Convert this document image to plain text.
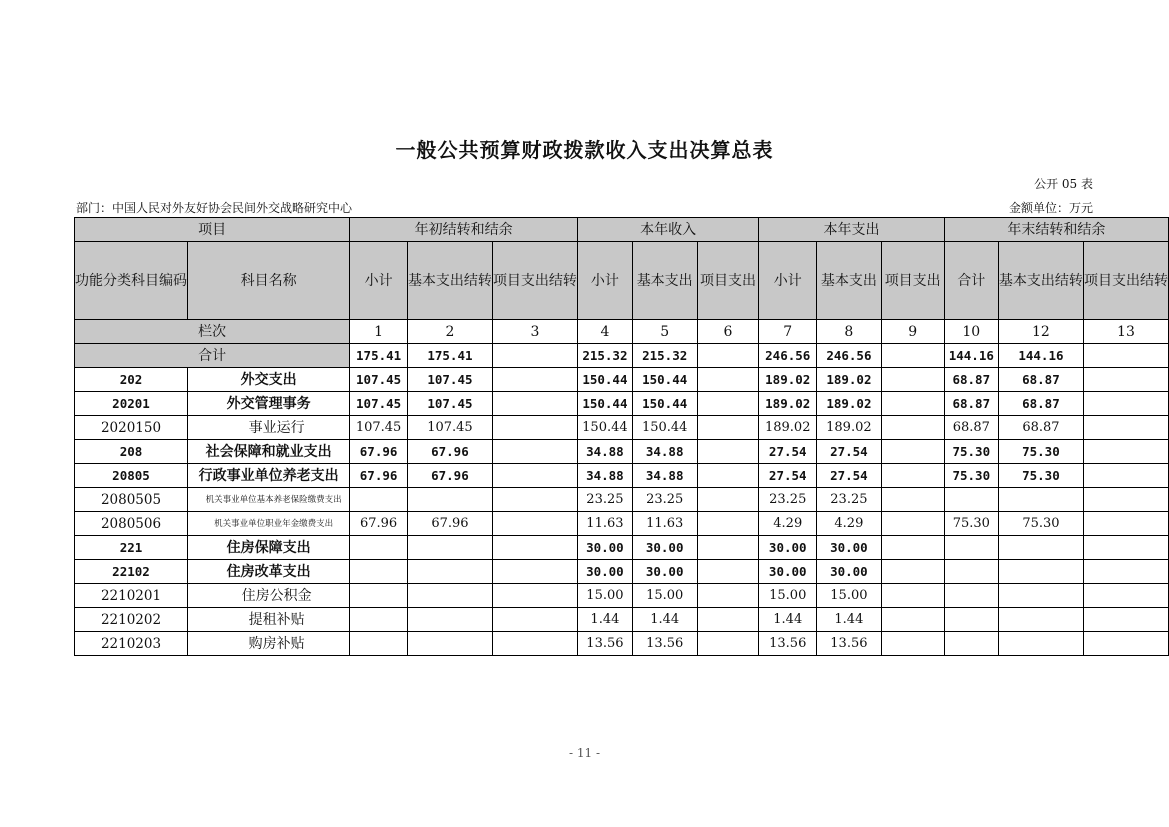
一般公共预算财政拨款收入支出决算总表
公开 05 表
部门：中国人民对外友好协会民间外交战略研究中心	金额单位：万元
项目		年初结转和结余			本年收入			本年支出			年末结转和结余		
功能分类科目编码	科目名称	小计	基本支出结转	项目支出结转	小计	基本支出	项目支出	小计	基本支出	项目支出	合计	基本支出结转	项目支出结转
栏次		1	2	3	4	5	6	7	8	9	10	12	13
合计		175.41	175.41		215.32	215.32		246.56	246.56		144.16	144.16	
202	外交支出	107.45	107.45		150.44	150.44		189.02	189.02		68.87	68.87	
20201	外交管理事务	107.45	107.45		150.44	150.44		189.02	189.02		68.87	68.87	
2020150	事业运行	107.45	107.45		150.44	150.44		189.02	189.02		68.87	68.87	
208	社会保障和就业支出	67.96	67.96		34.88	34.88		27.54	27.54		75.30	75.30	
20805	行政事业单位养老支出	67.96	67.96		34.88	34.88		27.54	27.54		75.30	75.30	
2080505	机关事业单位基本养老保险缴费支出				23.25	23.25		23.25	23.25				
2080506	机关事业单位职业年金缴费支出	67.96	67.96		11.63	11.63		4.29	4.29		75.30	75.30	
221	住房保障支出				30.00	30.00		30.00	30.00				
22102	住房改革支出				30.00	30.00		30.00	30.00				
2210201	住房公积金				15.00	15.00		15.00	15.00				
2210202	提租补贴				1.44	1.44		1.44	1.44				
2210203	购房补贴				13.56	13.56		13.56	13.56				
- 11 -
